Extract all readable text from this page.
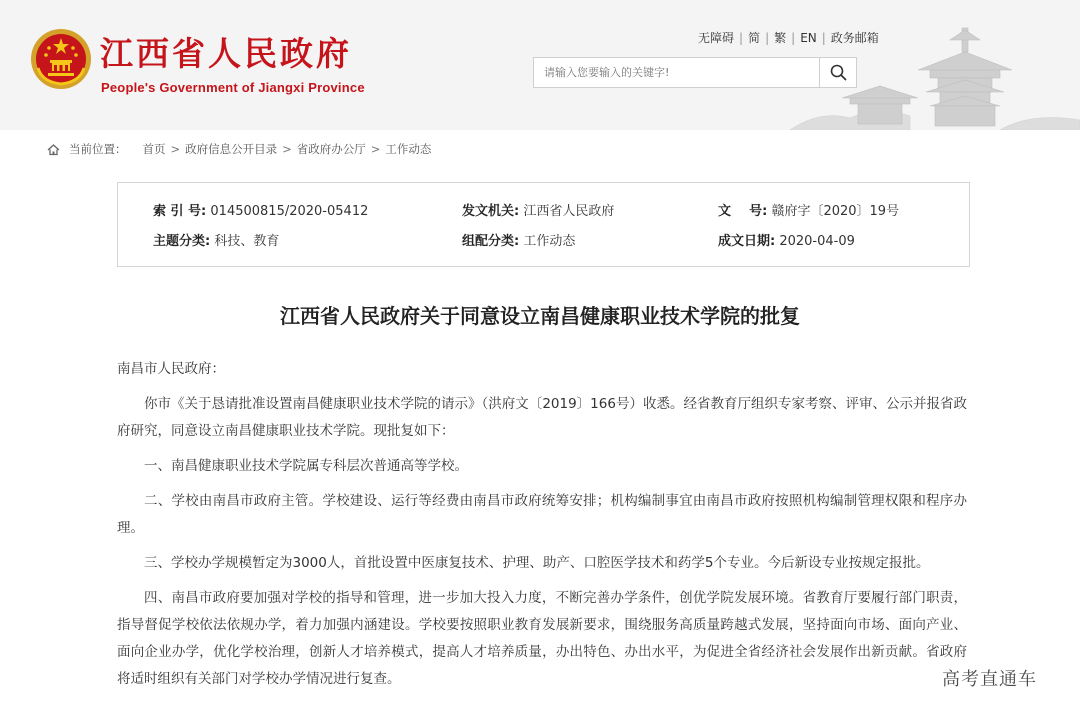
江西省人民政府
People's Government of Jiangxi Province
无障碍 | 简 | 繁 | EN | 政务邮箱
请输入您要输入的关键字!
当前位置： 首页 > 政府信息公开目录 > 省政府办公厅 > 工作动态
索 引 号: 014500815/2020-05412	发文机关: 江西省人民政府	文    号: 赣府字〔2020〕19号
主题分类: 科技、教育	组配分类: 工作动态	成文日期: 2020-04-09
江西省人民政府关于同意设立南昌健康职业技术学院的批复

南昌市人民政府：

你市《关于恳请批准设置南昌健康职业技术学院的请示》（洪府文〔2019〕166号）收悉。经省教育厅组织专家考察、评审、公示并报省政府研究，同意设立南昌健康职业技术学院。现批复如下：

一、南昌健康职业技术学院属专科层次普通高等学校。

二、学校由南昌市政府主管。学校建设、运行等经费由南昌市政府统筹安排；机构编制事宜由南昌市政府按照机构编制管理权限和程序办理。

三、学校办学规模暂定为3000人，首批设置中医康复技术、护理、助产、口腔医学技术和药学5个专业。今后新设专业按规定报批。

四、南昌市政府要加强对学校的指导和管理，进一步加大投入力度，不断完善办学条件，创优学院发展环境。省教育厅要履行部门职责，指导督促学校依法依规办学，着力加强内涵建设。学校要按照职业教育发展新要求，围绕服务高质量跨越式发展，坚持面向市场、面向产业、面向企业办学，优化学校治理，创新人才培养模式，提高人才培养质量，办出特色、办出水平，为促进全省经济社会发展作出新贡献。省政府将适时组织有关部门对学校办学情况进行复查。	高考直通车
